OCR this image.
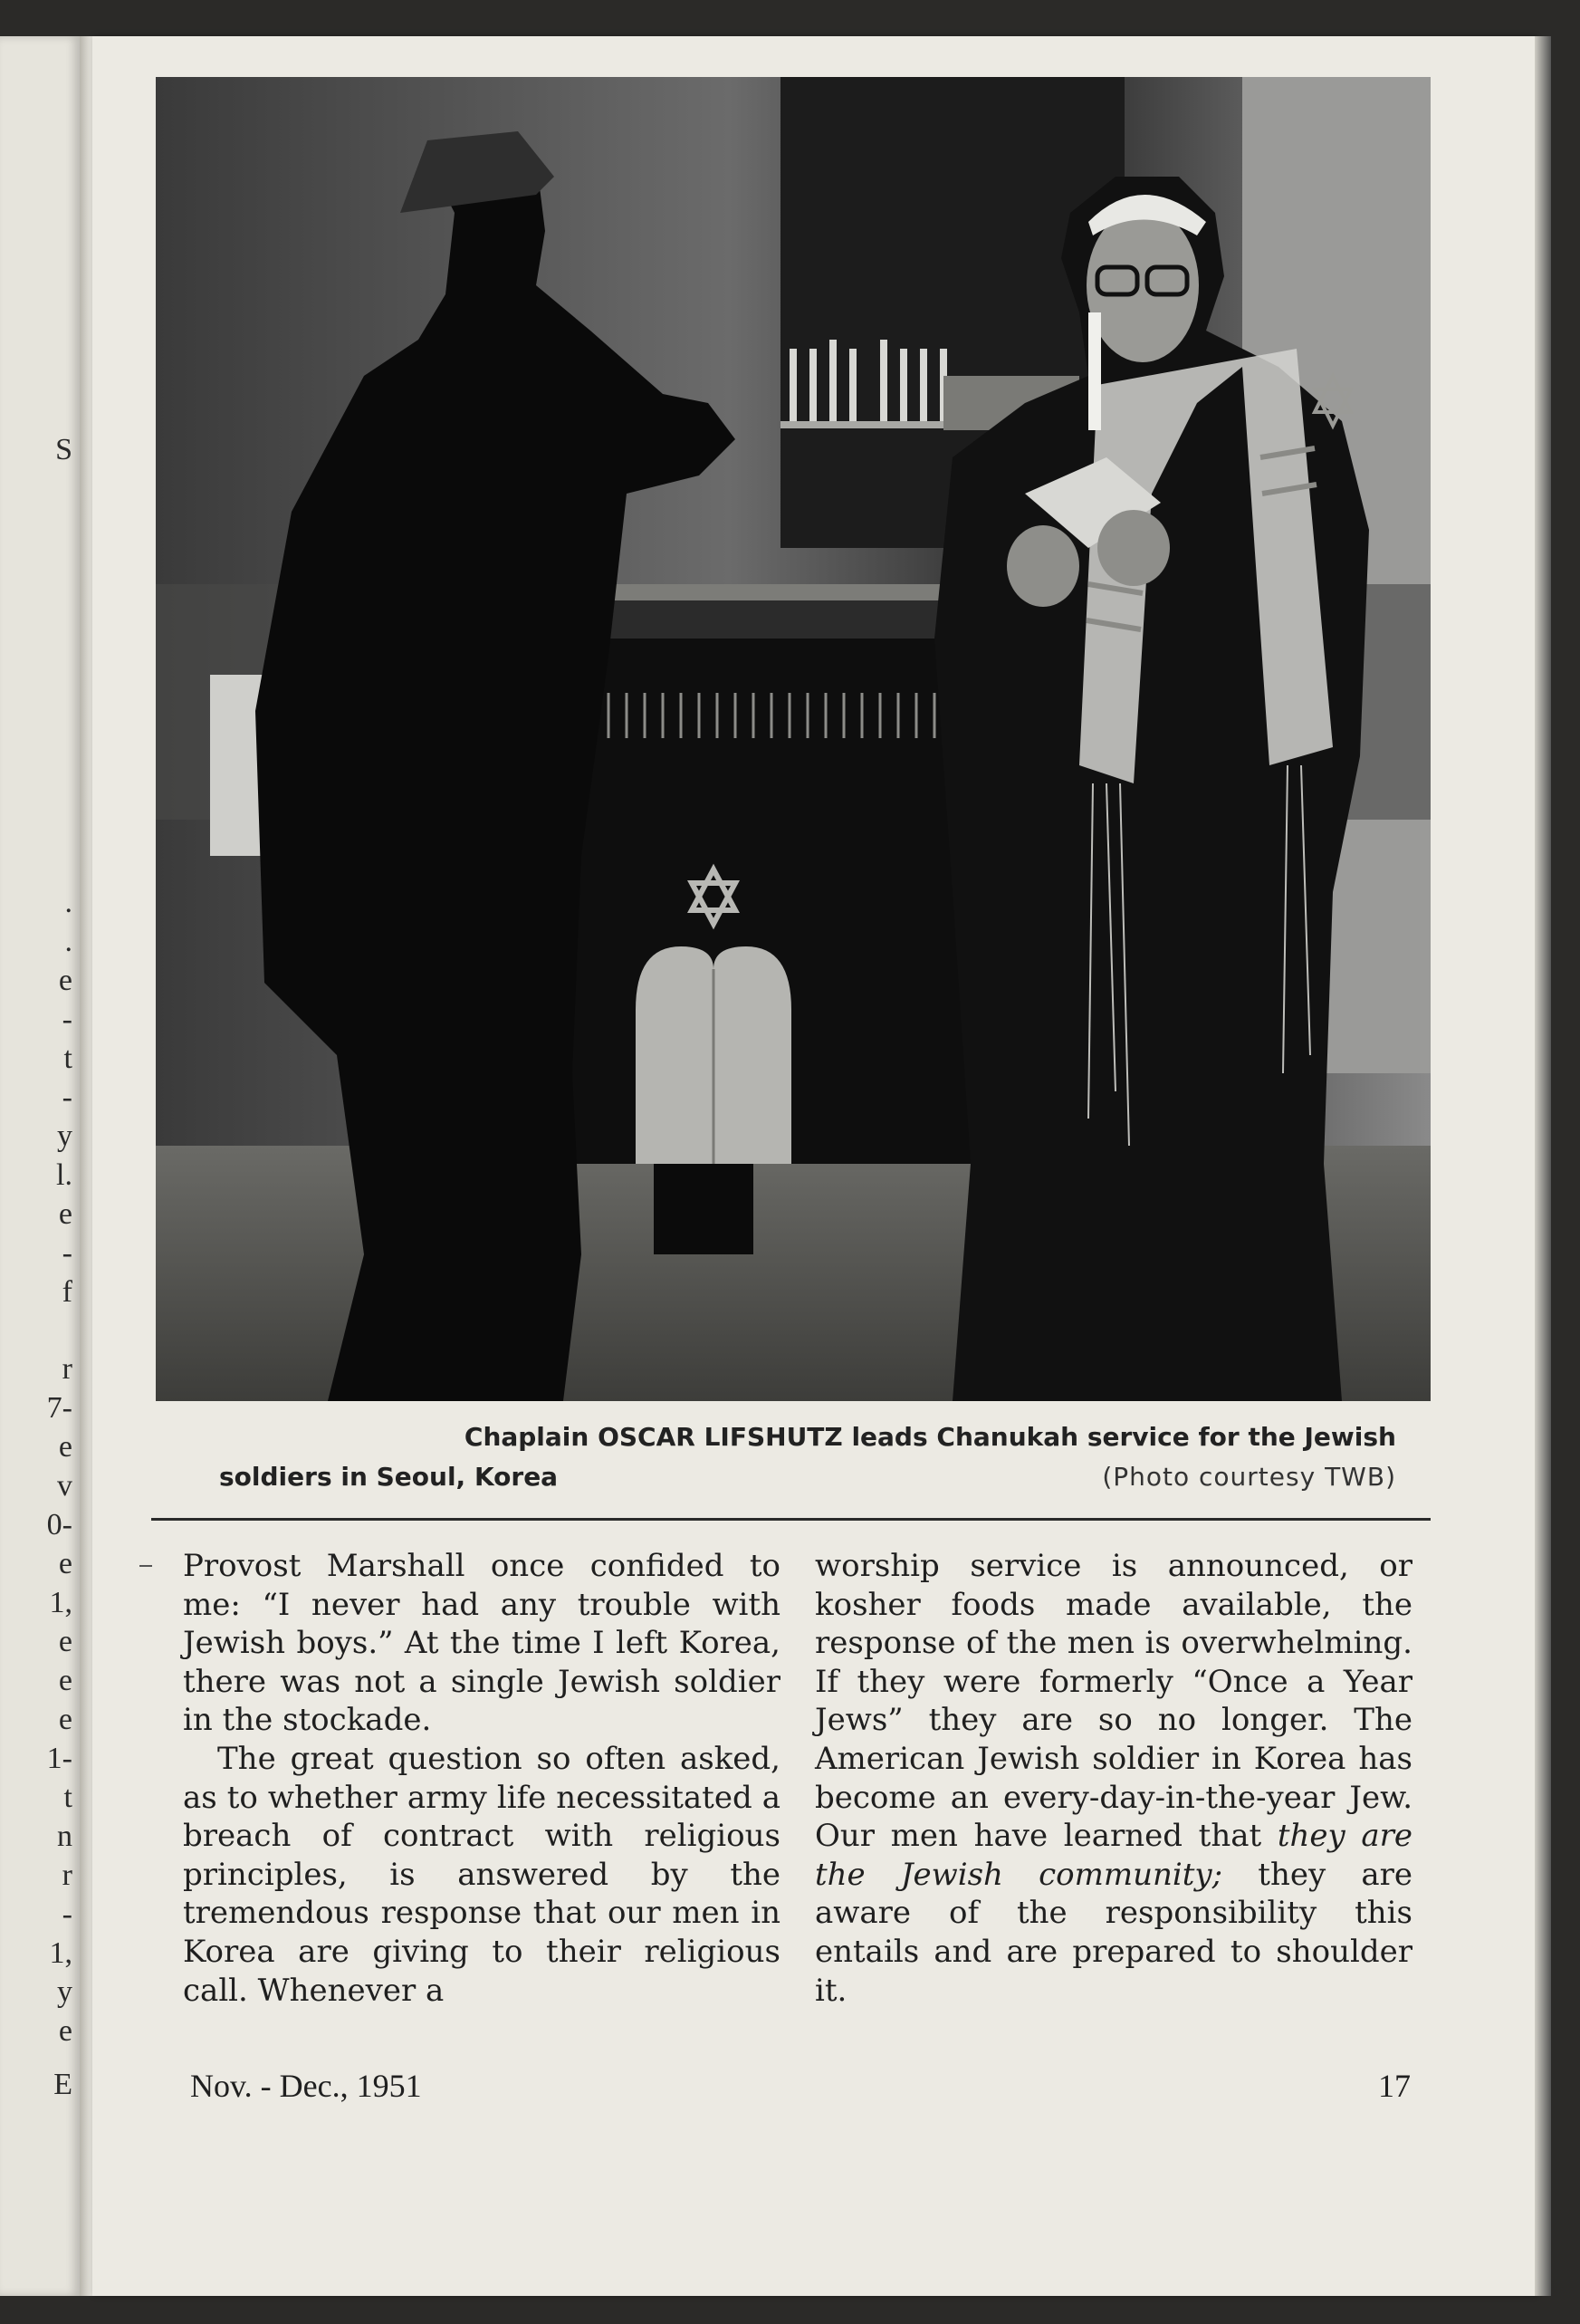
S
.
.
e
-
t
-
y
l.
e
-
f
r
7-
e
v
0-
e
1,
e
e
e
1-
t
n
r
-
1,
y
e
E
Chaplain OSCAR LIFSHUTZ leads Chanukah service for the Jewish
soldiers in Seoul, Korea	(Photo courtesy TWB)

Provost Marshall once confided to me: “I never had any trouble with Jewish boys.” At the time I left Korea, there was not a single Jewish soldier in the stockade.

The great question so often asked, as to whether army life necessitated a breach of contract with religious principles, is answered by the tremendous response that our men in Korea are giving to their religious call. Whenever a

worship service is announced, or kosher foods made available, the response of the men is overwhelming. If they were formerly “Once a Year Jews” they are so no longer. The American Jewish soldier in Korea has become an every-day-in-the-year Jew. Our men have learned that they are the Jewish community; they are aware of the responsibility this entails and are prepared to shoulder it.

Nov. - Dec., 1951	17
